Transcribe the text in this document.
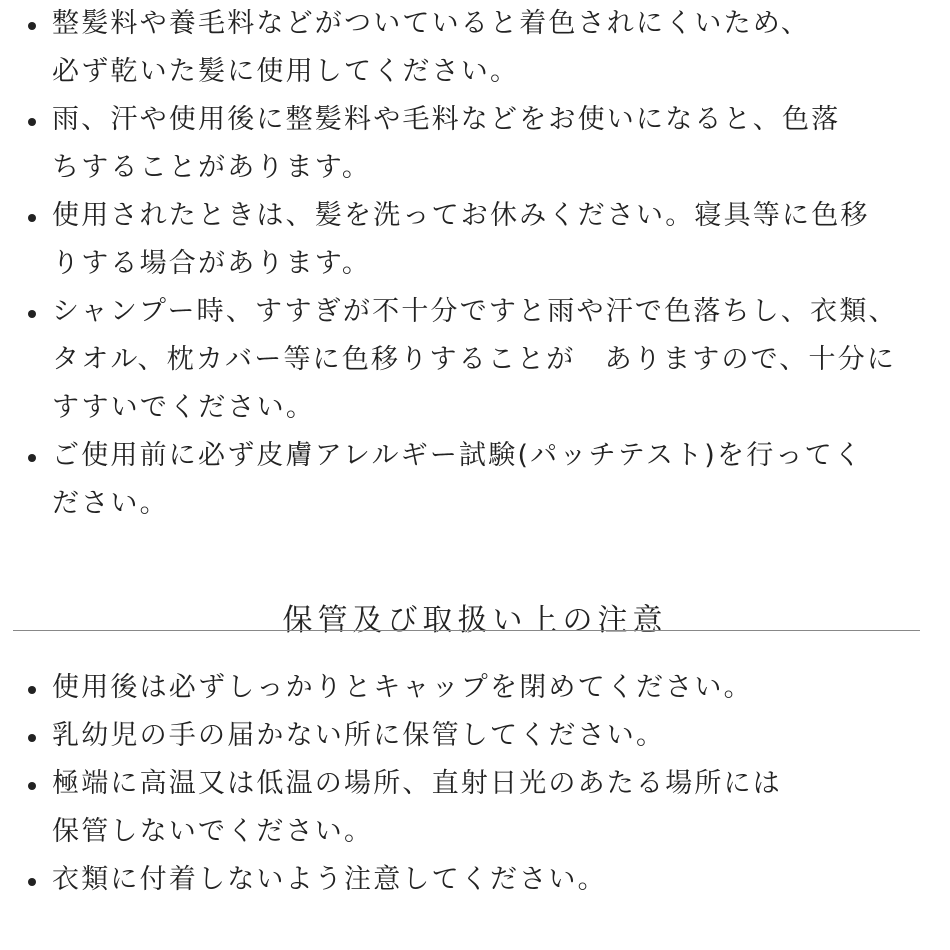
整髪料や養毛料などがついていると着色されにくいため、
必ず乾いた髪に使用してください。
雨、汗や使用後に整髪料や毛料などをお使いになると、色落
ちすることがあります。
使用されたときは、髪を洗ってお休みください。寝具等に色移
りする場合があります。
シャンプー時、すすぎが不十分ですと雨や汗で色落ちし、衣類、
タオル、枕カバー等に色移りすることが　ありますので、十分に
すすいでください。
ご使用前に必ず皮膚アレルギー試験(パッチテスト)を行ってく
ださい。
保管及び取扱い上の注意
使用後は必ずしっかりとキャップを閉めてください。
乳幼児の手の届かない所に保管してください。
極端に高温又は低温の場所、直射日光のあたる場所には
保管しないでください。
衣類に付着しないよう注意してください。
